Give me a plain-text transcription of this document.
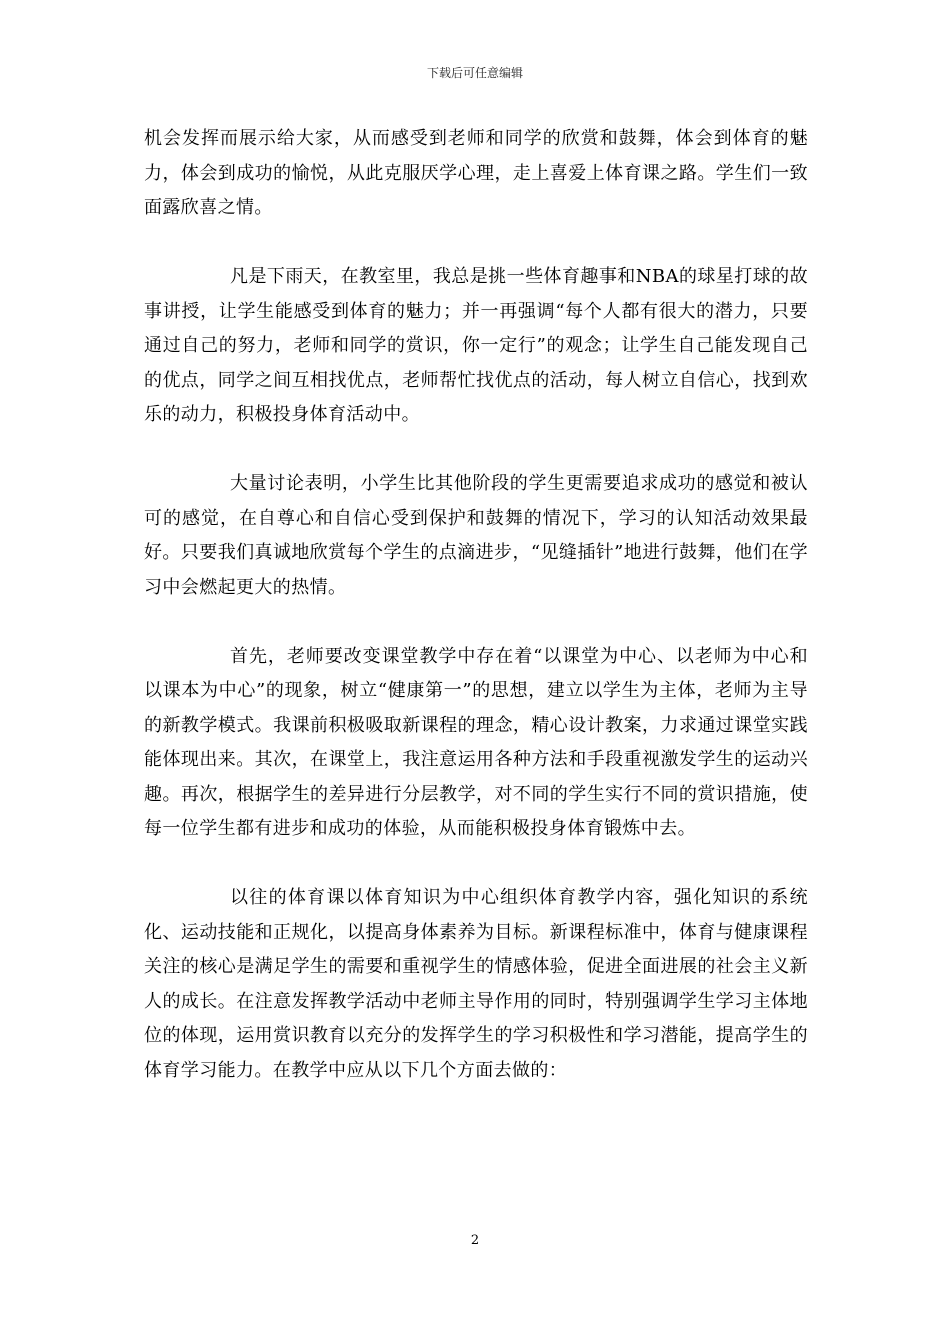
下载后可任意编辑

机会发挥而展示给大家，从而感受到老师和同学的欣赏和鼓舞，体会到体育的魅力，体会到成功的愉悦，从此克服厌学心理，走上喜爱上体育课之路。学生们一致面露欣喜之情。

凡是下雨天，在教室里，我总是挑一些体育趣事和NBA的球星打球的故事讲授，让学生能感受到体育的魅力；并一再强调“每个人都有很大的潜力，只要通过自己的努力，老师和同学的赏识，你一定行”的观念；让学生自己能发现自己的优点，同学之间互相找优点，老师帮忙找优点的活动，每人树立自信心，找到欢乐的动力，积极投身体育活动中。

大量讨论表明，小学生比其他阶段的学生更需要追求成功的感觉和被认可的感觉，在自尊心和自信心受到保护和鼓舞的情况下，学习的认知活动效果最好。只要我们真诚地欣赏每个学生的点滴进步，“见缝插针”地进行鼓舞，他们在学习中会燃起更大的热情。

首先，老师要改变课堂教学中存在着“以课堂为中心、以老师为中心和以课本为中心”的现象，树立“健康第一”的思想，建立以学生为主体，老师为主导的新教学模式。我课前积极吸取新课程的理念，精心设计教案，力求通过课堂实践能体现出来。其次，在课堂上，我注意运用各种方法和手段重视激发学生的运动兴趣。再次，根据学生的差异进行分层教学，对不同的学生实行不同的赏识措施，使每一位学生都有进步和成功的体验，从而能积极投身体育锻炼中去。

以往的体育课以体育知识为中心组织体育教学内容，强化知识的系统化、运动技能和正规化，以提高身体素养为目标。新课程标准中，体育与健康课程关注的核心是满足学生的需要和重视学生的情感体验，促进全面进展的社会主义新人的成长。在注意发挥教学活动中老师主导作用的同时，特别强调学生学习主体地位的体现，运用赏识教育以充分的发挥学生的学习积极性和学习潜能，提高学生的体育学习能力。在教学中应从以下几个方面去做的：

2
